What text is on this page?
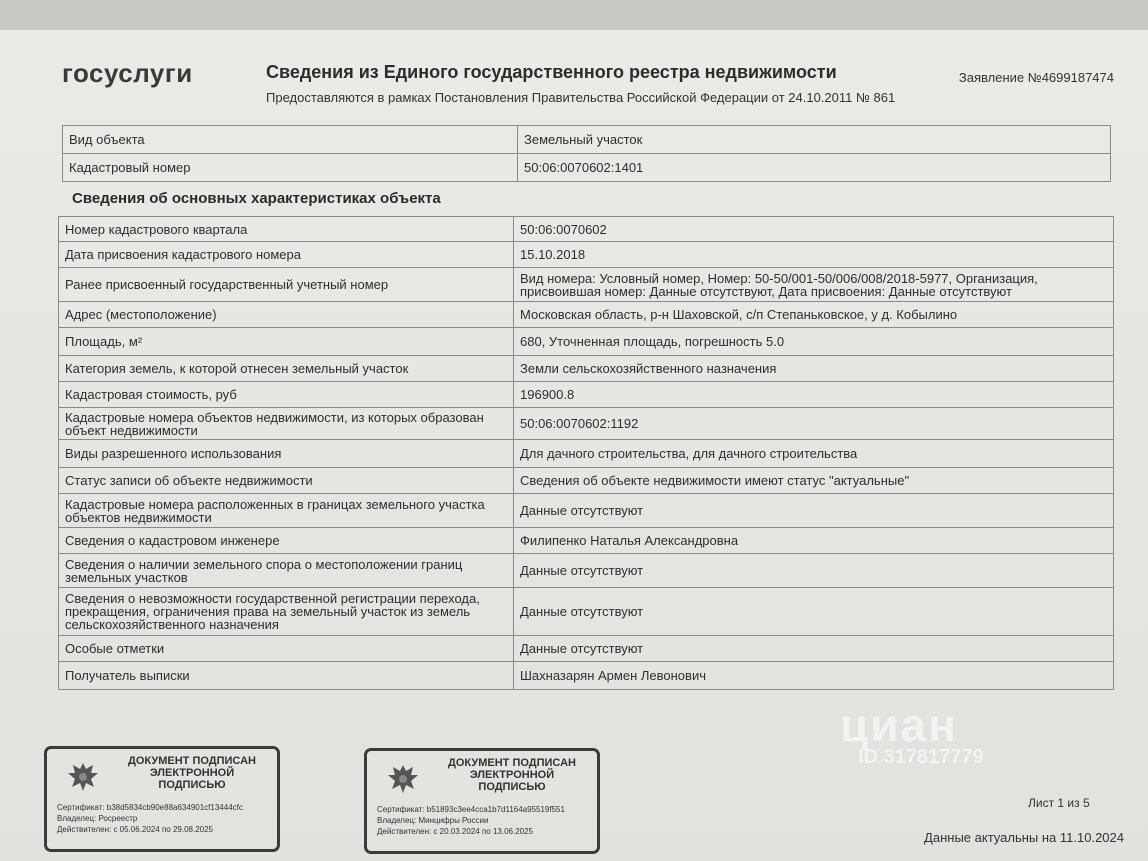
госуслуги	Сведения из Единого государственного реестра недвижимости
Предоставляются в рамках Постановления Правительства Российской Федерации от 24.10.2011 № 861
Заявление №4699187474
Вид объекта	Земельный участок
Кадастровый номер	50:06:0070602:1401
Сведения об основных характеристиках объекта
Номер кадастрового квартала	50:06:0070602
Дата присвоения кадастрового номера	15.10.2018
Ранее присвоенный государственный учетный номер	Вид номера: Условный номер, Номер: 50-50/001-50/006/008/2018-5977, Организация, присвоившая номер: Данные отсутствуют, Дата присвоения: Данные отсутствуют
Адрес (местоположение)	Московская область, р-н Шаховской, с/п Степаньковское, у д. Кобылино
Площадь, м²	680, Уточненная площадь, погрешность 5.0
Категория земель, к которой отнесен земельный участок	Земли сельскохозяйственного назначения
Кадастровая стоимость, руб	196900.8
Кадастровые номера объектов недвижимости, из которых образован объект недвижимости	50:06:0070602:1192
Виды разрешенного использования	Для дачного строительства, для дачного строительства
Статус записи об объекте недвижимости	Сведения об объекте недвижимости имеют статус "актуальные"
Кадастровые номера расположенных в границах земельного участка объектов недвижимости	Данные отсутствуют
Сведения о кадастровом инженере	Филипенко Наталья Александровна
Сведения о наличии земельного спора о местоположении границ земельных участков	Данные отсутствуют
Сведения о невозможности государственной регистрации перехода, прекращения, ограничения права на земельный участок из земель сельскохозяйственного назначения	Данные отсутствуют
Особые отметки	Данные отсутствуют
Получатель выписки	Шахназарян Армен Левонович
ДОКУМЕНТ ПОДПИСАН
ЭЛЕКТРОННОЙ
ПОДПИСЬЮ
Сертификат: b38d5834cb90e88a634901cf13444cfc
Владелец: Росреестр
Действителен: с 05.06.2024 по 29.08.2025
ДОКУМЕНТ ПОДПИСАН
ЭЛЕКТРОННОЙ
ПОДПИСЬЮ
Сертификат: b51893c3ee4cca1b7d1164a95519f551
Владелец: Минцифры России
Действителен: с 20.03.2024 по 13.06.2025
циан
ID 317817779
Лист 1 из 5
Данные актуальны на 11.10.2024
